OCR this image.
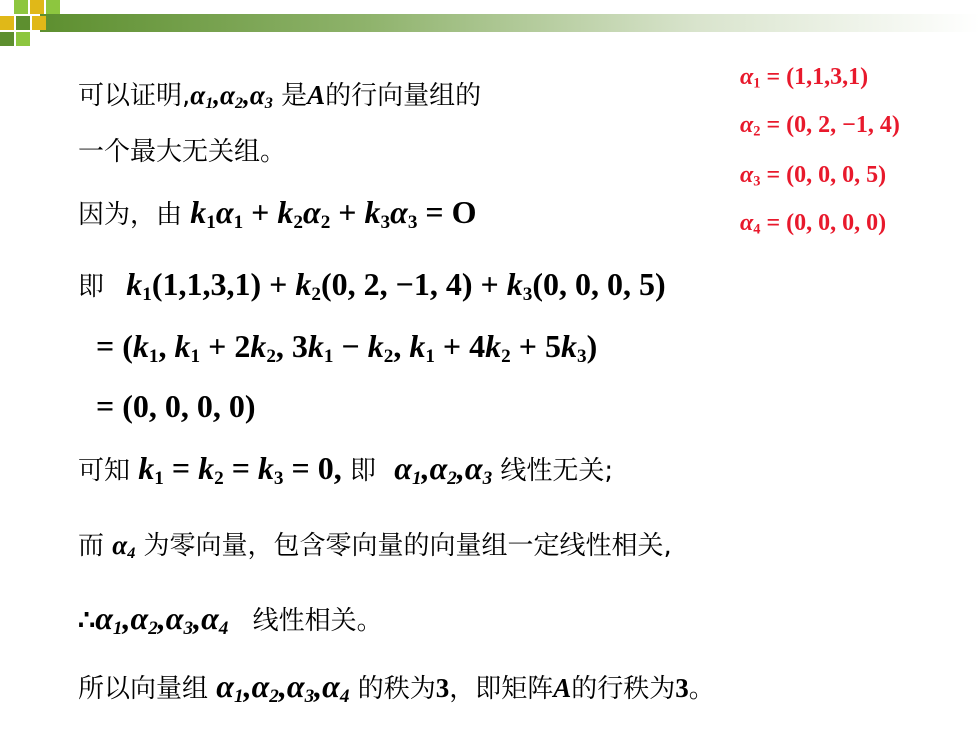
$\alpha_1 = (1,1,3,1)$
$\alpha_2 = (0$, 2, −1, 4)
$\alpha_3 = (0$, 0, 0, 5)
$\alpha_4 = (0$, 0, 0, 0)
可以证明$,\alpha_1,\alpha_2,\alpha_3$ 是A的行向量组的
一个最大无关组。
因为，由 $k_1\alpha_1 + k_2\alpha_2 + k_3\alpha_3 = O$
即 $k_1(1,1,3,1) + k_2(0$, 2, −1, $4) + k_3(0$, 0, 0, 5)
= ($k_1$, $k_1 + 2k_2$, $3k_1 - k_2$, $k_1 + 4k_2 + 5k_3$)
= (0, 0, 0, 0)
可知 $k_1 = k_2 = k_3 = 0$, 即 $\alpha_1,\alpha_2,\alpha_3$ 线性无关;
而 $\alpha_4$ 为零向量，包含零向量的向量组一定线性相关,
$\therefore\alpha_1,\alpha_2,\alpha_3,\alpha_4$ 线性相关。
所以向量组 $\alpha_1,\alpha_2,\alpha_3,\alpha_4$ 的秩为3，即矩阵A的行秩为3。
